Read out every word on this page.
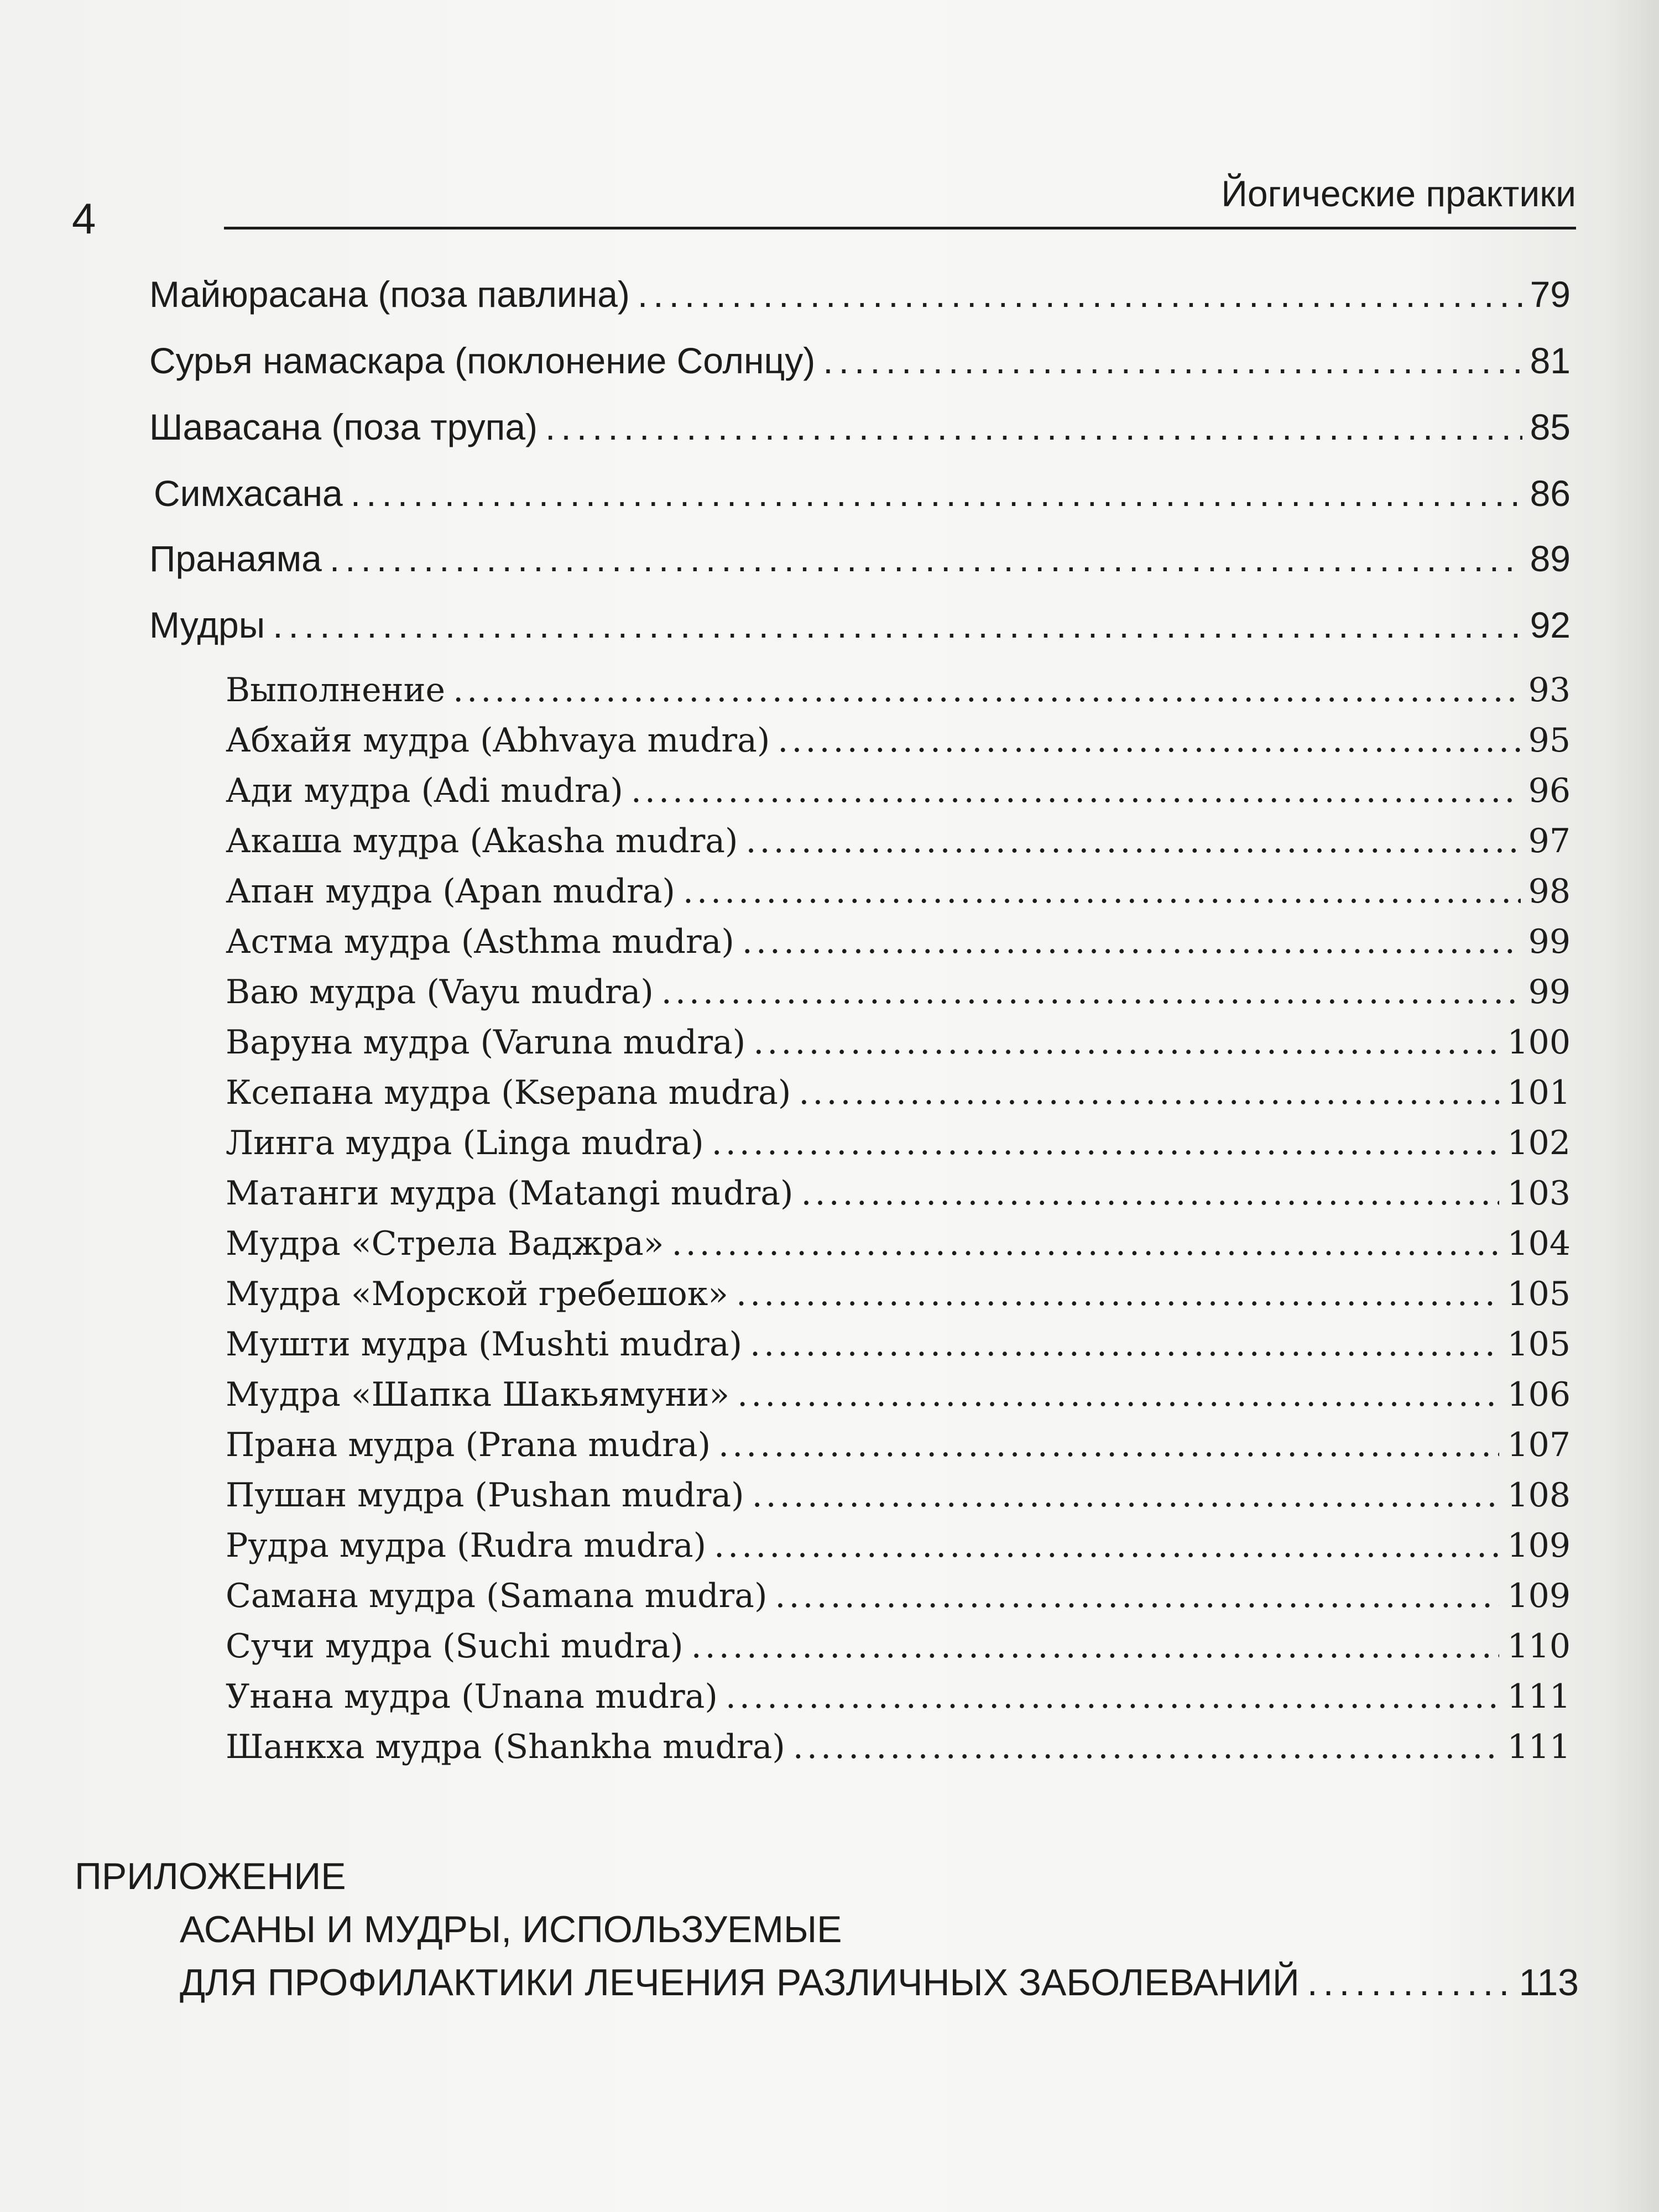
4
Йогические практики
Майюрасана (поза павлина) .....	79
Сурья намаскара (поклонение Солнцу) .....	81
Шавасана (поза трупа) .....	85
Симхасана .....	86
Пранаяма .....	89
Мудры .....	92
Выполнение .....	93
Абхайя мудра (Abhvaya mudra) .....	95
Ади мудра (Adi mudra) .....	96
Акаша мудра (Akasha mudra) .....	97
Апан мудра (Apan mudra) .....	98
Астма мудра (Asthma mudra) .....	99
Ваю мудра (Vayu mudra) .....	99
Варуна мудра (Varuna mudra) .....	100
Ксепана мудра (Ksepana mudra) .....	101
Линга мудра (Linga mudra) .....	102
Матанги мудра (Matangi mudra) .....	103
Мудра «Стрела Ваджра» .....	104
Мудра «Морской гребешок» .....	105
Мушти мудра (Mushti mudra) .....	105
Мудра «Шапка Шакьямуни» .....	106
Прана мудра (Prana mudra) .....	107
Пушан мудра (Pushan mudra) .....	108
Рудра мудра (Rudra mudra) .....	109
Самана мудра (Samana mudra) .....	109
Сучи мудра (Suchi mudra) .....	110
Унана мудра (Unana mudra) .....	111
Шанкха мудра (Shankha mudra) .....	111
ПРИЛОЖЕНИЕ
АСАНЫ И МУДРЫ, ИСПОЛЬЗУЕМЫЕ
ДЛЯ ПРОФИЛАКТИКИ ЛЕЧЕНИЯ РАЗЛИЧНЫХ ЗАБОЛЕВАНИЙ .....	113
